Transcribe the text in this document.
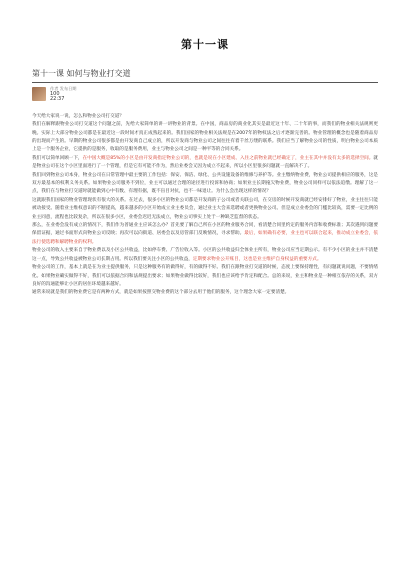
第十一课
第十一课 如何与物业打交道
作者 发布日期
100
22:37

今天给大家说一说，怎么和物业公司打交道？

我们在解释跟物业公司打交道这个问题之前，先给大家简单的讲一讲物业的背景。在中国，商品房的商业化其实是最近这十年、二十年的事，而我们的物业相关法规则更晚。实际上大部分物业公司都是在最近这一段时间才真正成熟起来的。我们国家的物业相关法规是在2007年的物权法之后才逐渐完善的。物业管理的概念也是随着商品房的出现而产生的。早期的物业公司很多都是由开发商自己成立的，所以开发商与物业公司之间往往有着千丝万缕的联系。我们应当了解物业公司的性质，明白物业公司本质上是一个服务企业，它提供的是服务，收取的是服务费用，业主与物业公司之间是一种平等的合同关系。

我们可以简单回顾一下，在中国大概是85%的小区是由开发商指定物业公司的，也就是说在小区建成、入住之前物业就已经确定了，业主在其中并没有太多的选择空间。就是物业公司在这个小区里面进行了一个管理，但是它有可能不作为，然后业委会又因为成立不起来，所以小区里很多问题就一直解决不了。

我们回到物业公司本身，物业公司在日常管理中最主要的工作包括：保安、保洁、绿化、公共设施设备的维修与养护等。业主缴纳物业费，物业公司提供相应的服务，这是双方最基本的权利义务关系。如果物业公司服务不到位，业主可以通过合理的途径进行投诉和协商；如果业主长期拖欠物业费，物业公司同样可以依法追缴。理解了这一点，我们在与物业打交道时就能做到心中有数、有理有据，既不盲目对抗，也不一味退让。为什么会出现这样的情况？

这就跟我们国家的物业管理现状有很大的关系。在过去，很多小区的物业公司都是开发商的子公司或者关联公司，在交房的时候开发商就已经安排好了物业，业主往往只能被动接受。随着业主维权意识的不断提高，越来越多的小区开始成立业主委员会，通过业主大会来选聘或者更换物业公司。但是成立业委会的门槛比较高，需要一定比例的业主同意，流程也比较复杂，所以在很多小区，业委会迟迟无法成立，物业公司事实上处于一种缺乏监督的状态。

那么，在业委会没有成立的情况下，我们作为普通业主应该怎么办？首先要了解自己所在小区的物业服务合同，看清楚合同里约定的服务内容和收费标准；其次遇到问题要保留证据，通过书面形式向物业公司反映；再次可以向街道、居委会以及房管部门反映情况，寻求帮助。最后，如果确有必要，业主也可以联合起来，推动成立业委会，依法行使选聘和解聘物业的权利。

物业公司的收入主要来自于物业费以及小区公共收益，比如停车费、广告位收入等。小区的公共收益归全体业主所有，物业公司应当定期公示。有不少小区的业主并不清楚这一点，导致公共收益被物业公司长期占用。所以我们要关注小区的公共收益，定期要求物业公开账目，这也是业主维护自身权益的重要方式。

物业公司的工作，基本上就是在为业主提供服务，只是这种服务有的做得好，有的做得不好。我们在跟物业打交道的时候，态度上要保持理性，有问题就说问题，不要情绪化。如果物业确实做得不好，我们可以依据合同和法规提出要求；如果物业做得比较好，我们也应该给予肯定和配合。总的来说，业主和物业是一种相互依存的关系，双方良好的沟通能够让小区的居住环境越来越好。

通常来说就是我们的物业费它是有两种方式，就是如果按照交物业费的这个部分去用于他们的服务，这个理念大家一定要清楚。
